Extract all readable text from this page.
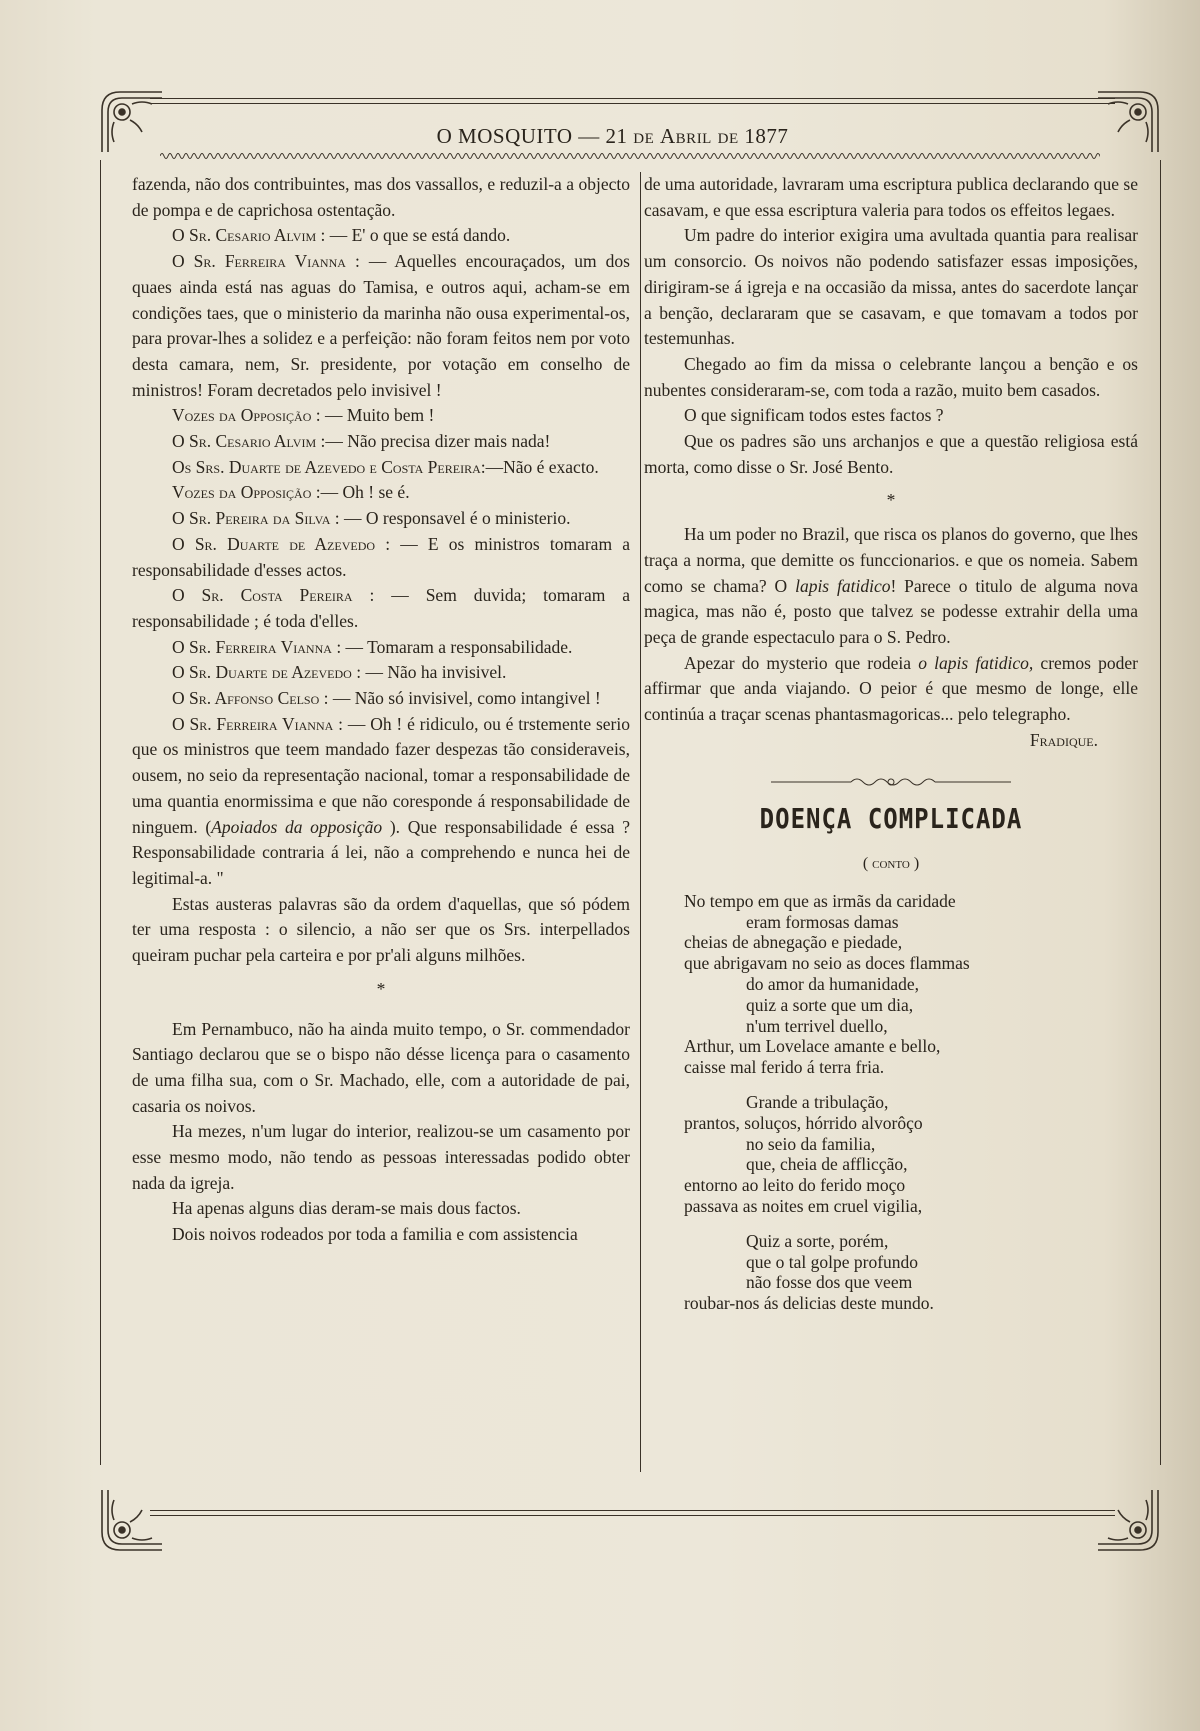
O MOSQUITO — 21 de Abril de 1877

fazenda, não dos contribuintes, mas dos vassallos, e reduzil-a a objecto de pompa e de caprichosa ostentação.

O Sr. Cesario Alvim : — E' o que se está dando.

O Sr. Ferreira Vianna : — Aquelles encouraçados, um dos quaes ainda está nas aguas do Tamisa, e outros aqui, acham-se em condições taes, que o ministerio da marinha não ousa experimental-os, para provar-lhes a solidez e a perfeição: não foram feitos nem por voto desta camara, nem, Sr. presidente, por votação em conselho de ministros! Foram decretados pelo invisivel !

Vozes da Opposição : — Muito bem !

O Sr. Cesario Alvim :— Não precisa dizer mais nada!

Os Srs. Duarte de Azevedo e Costa Pereira:—Não é exacto.

Vozes da Opposição :— Oh ! se é.

O Sr. Pereira da Silva : — O responsavel é o ministerio.

O Sr. Duarte de Azevedo : — E os ministros tomaram a responsabilidade d'esses actos.

O Sr. Costa Pereira : — Sem duvida; tomaram a responsabilidade ; é toda d'elles.

O Sr. Ferreira Vianna : — Tomaram a responsabilidade.

O Sr. Duarte de Azevedo : — Não ha invisivel.

O Sr. Affonso Celso : — Não só invisivel, como intangivel !

O Sr. Ferreira Vianna : — Oh ! é ridiculo, ou é trstemente serio que os ministros que teem mandado fazer despezas tão consideraveis, ousem, no seio da representação nacional, tomar a responsabilidade de uma quantia enormissima e que não coresponde á responsabilidade de ninguem. (Apoiados da opposição ). Que responsabilidade é essa ? Responsabilidade contraria á lei, não a comprehendo e nunca hei de legitimal-a. "

Estas austeras palavras são da ordem d'aquellas, que só pódem ter uma resposta : o silencio, a não ser que os Srs. interpellados queiram puchar pela carteira e por pr'ali alguns milhões.

*

Em Pernambuco, não ha ainda muito tempo, o Sr. commendador Santiago declarou que se o bispo não désse licença para o casamento de uma filha sua, com o Sr. Machado, elle, com a autoridade de pai, casaria os noivos.

Ha mezes, n'um lugar do interior, realizou-se um casamento por esse mesmo modo, não tendo as pessoas interessadas podido obter nada da igreja.

Ha apenas alguns dias deram-se mais dous factos.

Dois noivos rodeados por toda a familia e com assistencia

de uma autoridade, lavraram uma escriptura publica declarando que se casavam, e que essa escriptura valeria para todos os effeitos legaes.

Um padre do interior exigira uma avultada quantia para realisar um consorcio. Os noivos não podendo satisfazer essas imposições, dirigiram-se á igreja e na occasião da missa, antes do sacerdote lançar a benção, declararam que se casavam, e que tomavam a todos por testemunhas.

Chegado ao fim da missa o celebrante lançou a benção e os nubentes consideraram-se, com toda a razão, muito bem casados.

O que significam todos estes factos ?

Que os padres são uns archanjos e que a questão religiosa está morta, como disse o Sr. José Bento.

*

Ha um poder no Brazil, que risca os planos do governo, que lhes traça a norma, que demitte os funccionarios. e que os nomeia. Sabem como se chama? O lapis fatidico! Parece o titulo de alguma nova magica, mas não é, posto que talvez se podesse extrahir della uma peça de grande espectaculo para o S. Pedro.

Apezar do mysterio que rodeia o lapis fatidico, cremos poder affirmar que anda viajando. O peior é que mesmo de longe, elle continúa a traçar scenas phantasmagoricas... pelo telegrapho.

Fradique.

DOENÇA COMPLICADA

( conto )

No tempo em que as irmãs da caridade
eram formosas damas
cheias de abnegação e piedade,
que abrigavam no seio as doces flammas
do amor da humanidade,
quiz a sorte que um dia,
n'um terrivel duello,
Arthur, um Lovelace amante e bello,
caisse mal ferido á terra fria.
Grande a tribulação,
prantos, soluços, hórrido alvorôço
no seio da familia,
que, cheia de afflicção,
entorno ao leito do ferido moço
passava as noites em cruel vigilia,
Quiz a sorte, porém,
que o tal golpe profundo
não fosse dos que veem
roubar-nos ás delicias deste mundo.
